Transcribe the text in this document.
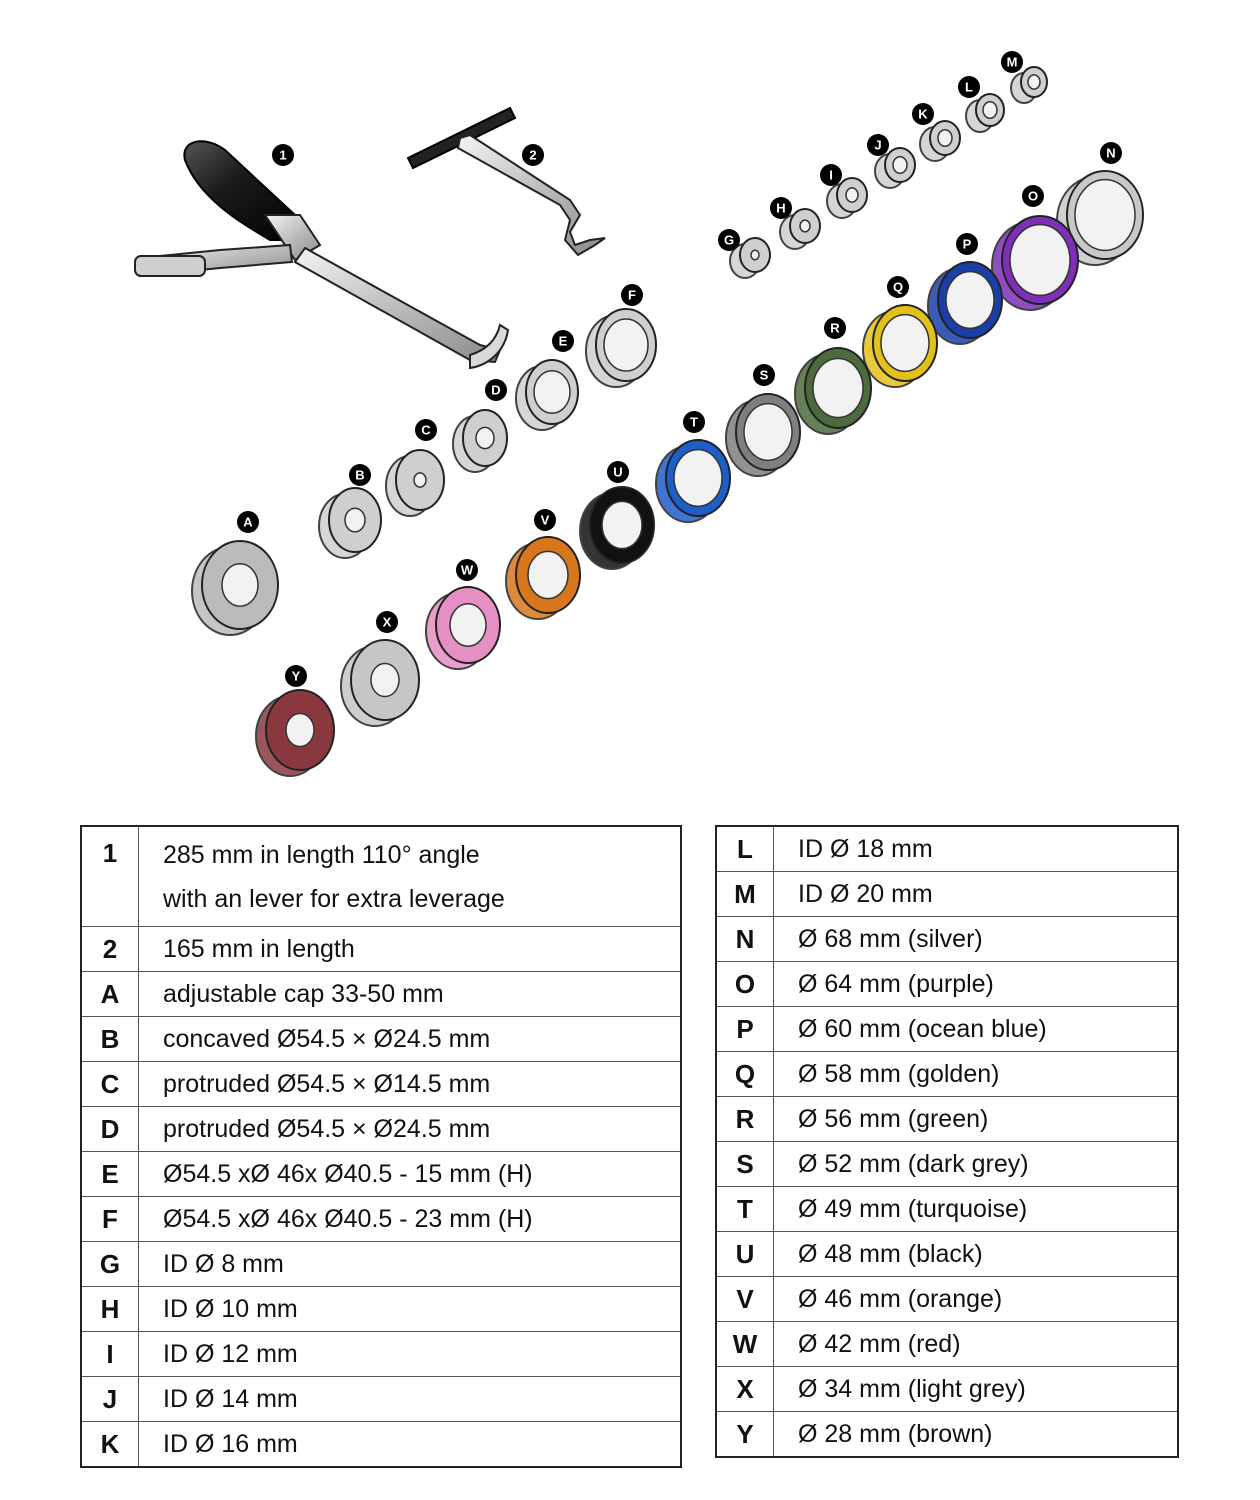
1	2
A
B
C
D
E
F
G
H
I
J
K
L
M
N
O
P
Q
R
S
T
U
V
W
X
Y
1	285 mm in length 110° angle
with an lever for extra leverage

2	165 mm in length

A	adjustable cap 33-50 mm

B	concaved Ø54.5 × Ø24.5 mm

C	protruded Ø54.5 × Ø14.5 mm

D	protruded Ø54.5 × Ø24.5 mm

E	Ø54.5 xØ 46x Ø40.5 - 15 mm (H)

F	Ø54.5 xØ 46x Ø40.5 - 23 mm (H)

G	ID Ø 8 mm

H	ID Ø 10 mm

I	ID Ø 12 mm

J	ID Ø 14 mm

K	ID Ø 16 mm
L	ID Ø 18 mm

M	ID Ø 20 mm

N	Ø 68 mm (silver)

O	Ø 64 mm (purple)

P	Ø 60 mm (ocean blue)

Q	Ø 58 mm (golden)

R	Ø 56 mm (green)

S	Ø 52 mm (dark grey)

T	Ø 49 mm (turquoise)

U	Ø 48 mm (black)

V	Ø 46 mm (orange)

W	Ø 42 mm (red)

X	Ø 34 mm (light grey)

Y	Ø 28 mm (brown)
